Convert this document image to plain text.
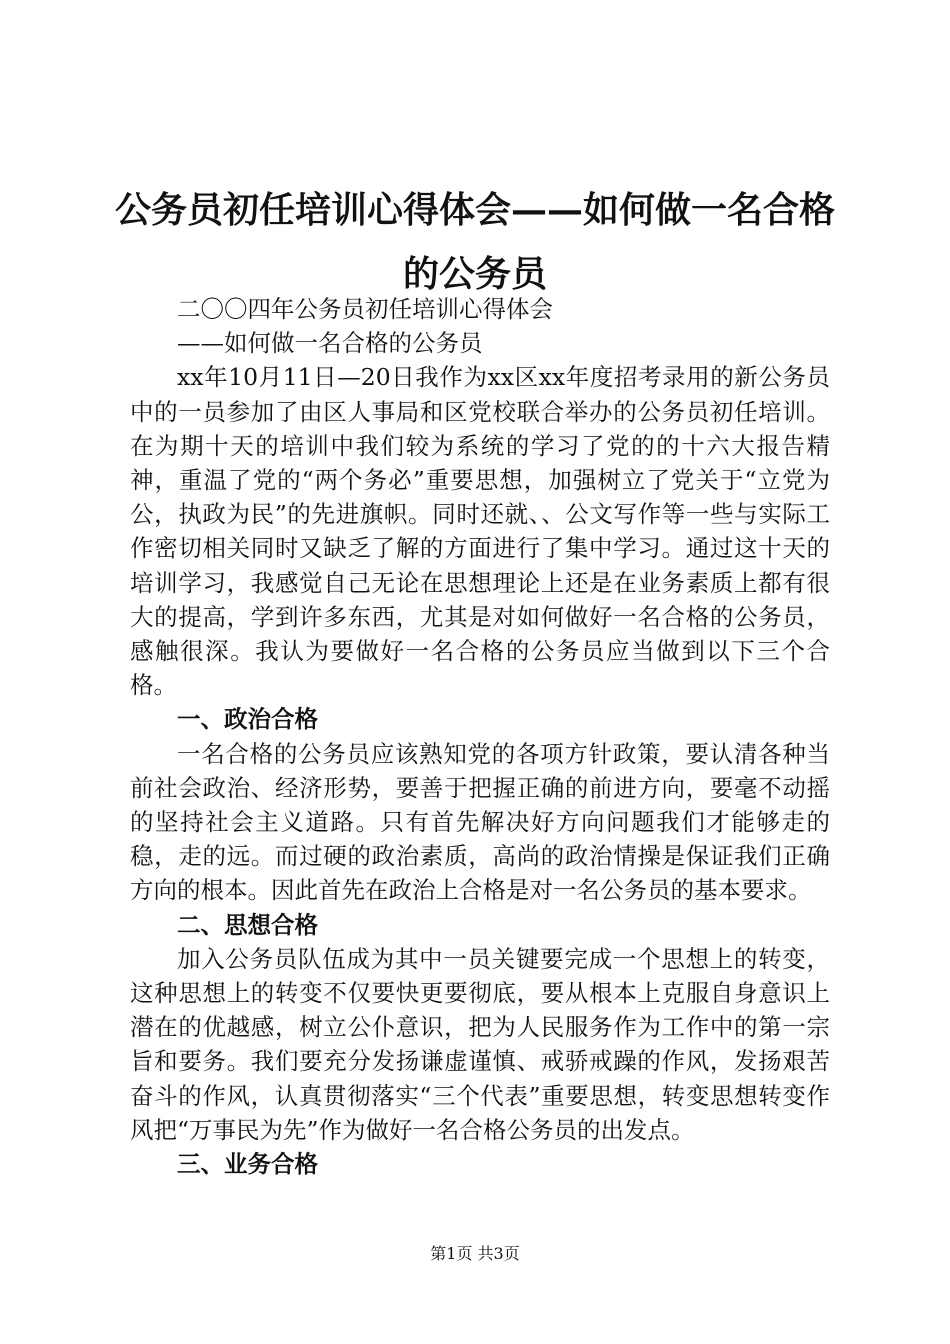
公务员初任培训心得体会——如何做一名合格的公务员

二〇〇四年公务员初任培训心得体会

——如何做一名合格的公务员

xx年10月11日—20日我作为xx区xx年度招考录用的新公务员中的一员参加了由区人事局和区党校联合举办的公务员初任培训。在为期十天的培训中我们较为系统的学习了党的的十六大报告精神，重温了党的“两个务必”重要思想，加强树立了党关于“立党为公，执政为民”的先进旗帜。同时还就、、公文写作等一些与实际工作密切相关同时又缺乏了解的方面进行了集中学习。通过这十天的培训学习，我感觉自己无论在思想理论上还是在业务素质上都有很大的提高，学到许多东西，尤其是对如何做好一名合格的公务员，感触很深。我认为要做好一名合格的公务员应当做到以下三个合格。

一、政治合格

一名合格的公务员应该熟知党的各项方针政策，要认清各种当前社会政治、经济形势，要善于把握正确的前进方向，要毫不动摇的坚持社会主义道路。只有首先解决好方向问题我们才能够走的稳，走的远。而过硬的政治素质，高尚的政治情操是保证我们正确方向的根本。因此首先在政治上合格是对一名公务员的基本要求。

二、思想合格

加入公务员队伍成为其中一员关键要完成一个思想上的转变，这种思想上的转变不仅要快更要彻底，要从根本上克服自身意识上潜在的优越感，树立公仆意识，把为人民服务作为工作中的第一宗旨和要务。我们要充分发扬谦虚谨慎、戒骄戒躁的作风，发扬艰苦奋斗的作风，认真贯彻落实“三个代表”重要思想，转变思想转变作风把“万事民为先”作为做好一名合格公务员的出发点。

三、业务合格

第1页 共3页
